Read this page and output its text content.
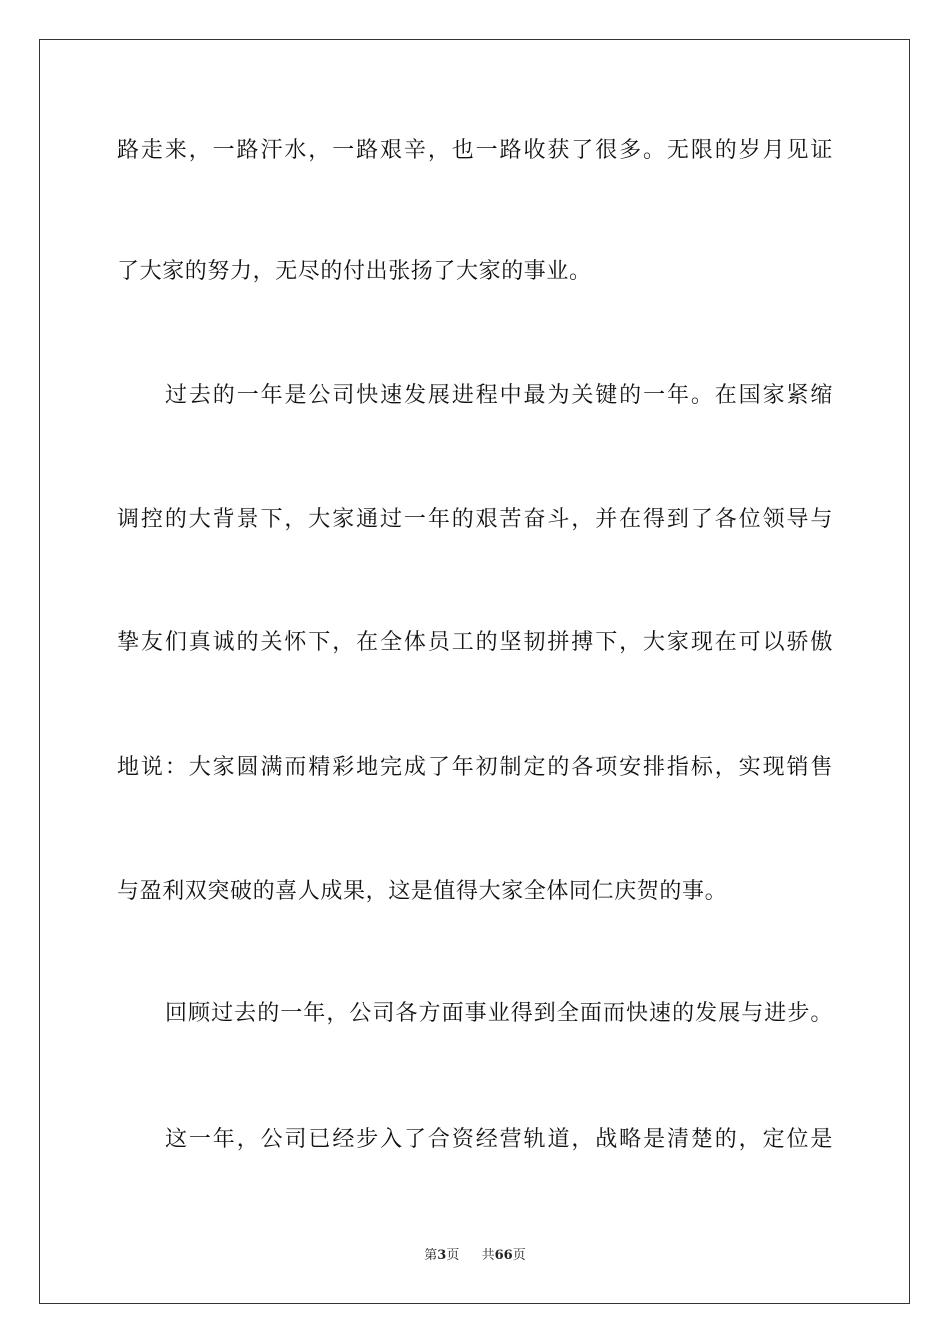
路走来，一路汗水，一路艰辛，也一路收获了很多。无限的岁月见证
了大家的努力，无尽的付出张扬了大家的事业。
过去的一年是公司快速发展进程中最为关键的一年。在国家紧缩
调控的大背景下，大家通过一年的艰苦奋斗，并在得到了各位领导与
挚友们真诚的关怀下，在全体员工的坚韧拼搏下，大家现在可以骄傲
地说：大家圆满而精彩地完成了年初制定的各项安排指标，实现销售
与盈利双突破的喜人成果，这是值得大家全体同仁庆贺的事。
回顾过去的一年，公司各方面事业得到全面而快速的发展与进步。
这一年，公司已经步入了合资经营轨道，战略是清楚的，定位是
第3页 共66页
